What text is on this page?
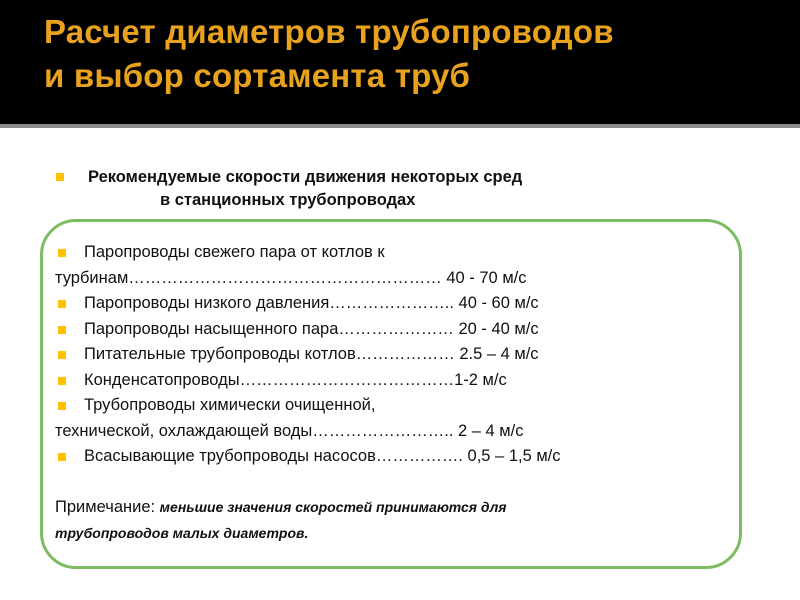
Расчет диаметров трубопроводов
и выбор сортамента труб
Рекомендуемые скорости движения некоторых сред
в станционных трубопроводах
Паропроводы свежего пара от котлов к
турбинам………………………………………………… 40 - 70 м/с
Паропроводы низкого давления………………….. 40 - 60 м/с
Паропроводы насыщенного пара………………… 20 - 40 м/с
Питательные трубопроводы котлов……………… 2.5 – 4 м/с
Конденсатопроводы…………………………………1-2 м/с
Трубопроводы химически очищенной,
технической, охлаждающей воды…………………….. 2 – 4 м/с
Всасывающие трубопроводы насосов……………. 0,5 – 1,5 м/с
Примечание: меньшие значения скоростей принимаются для
трубопроводов малых диаметров.
